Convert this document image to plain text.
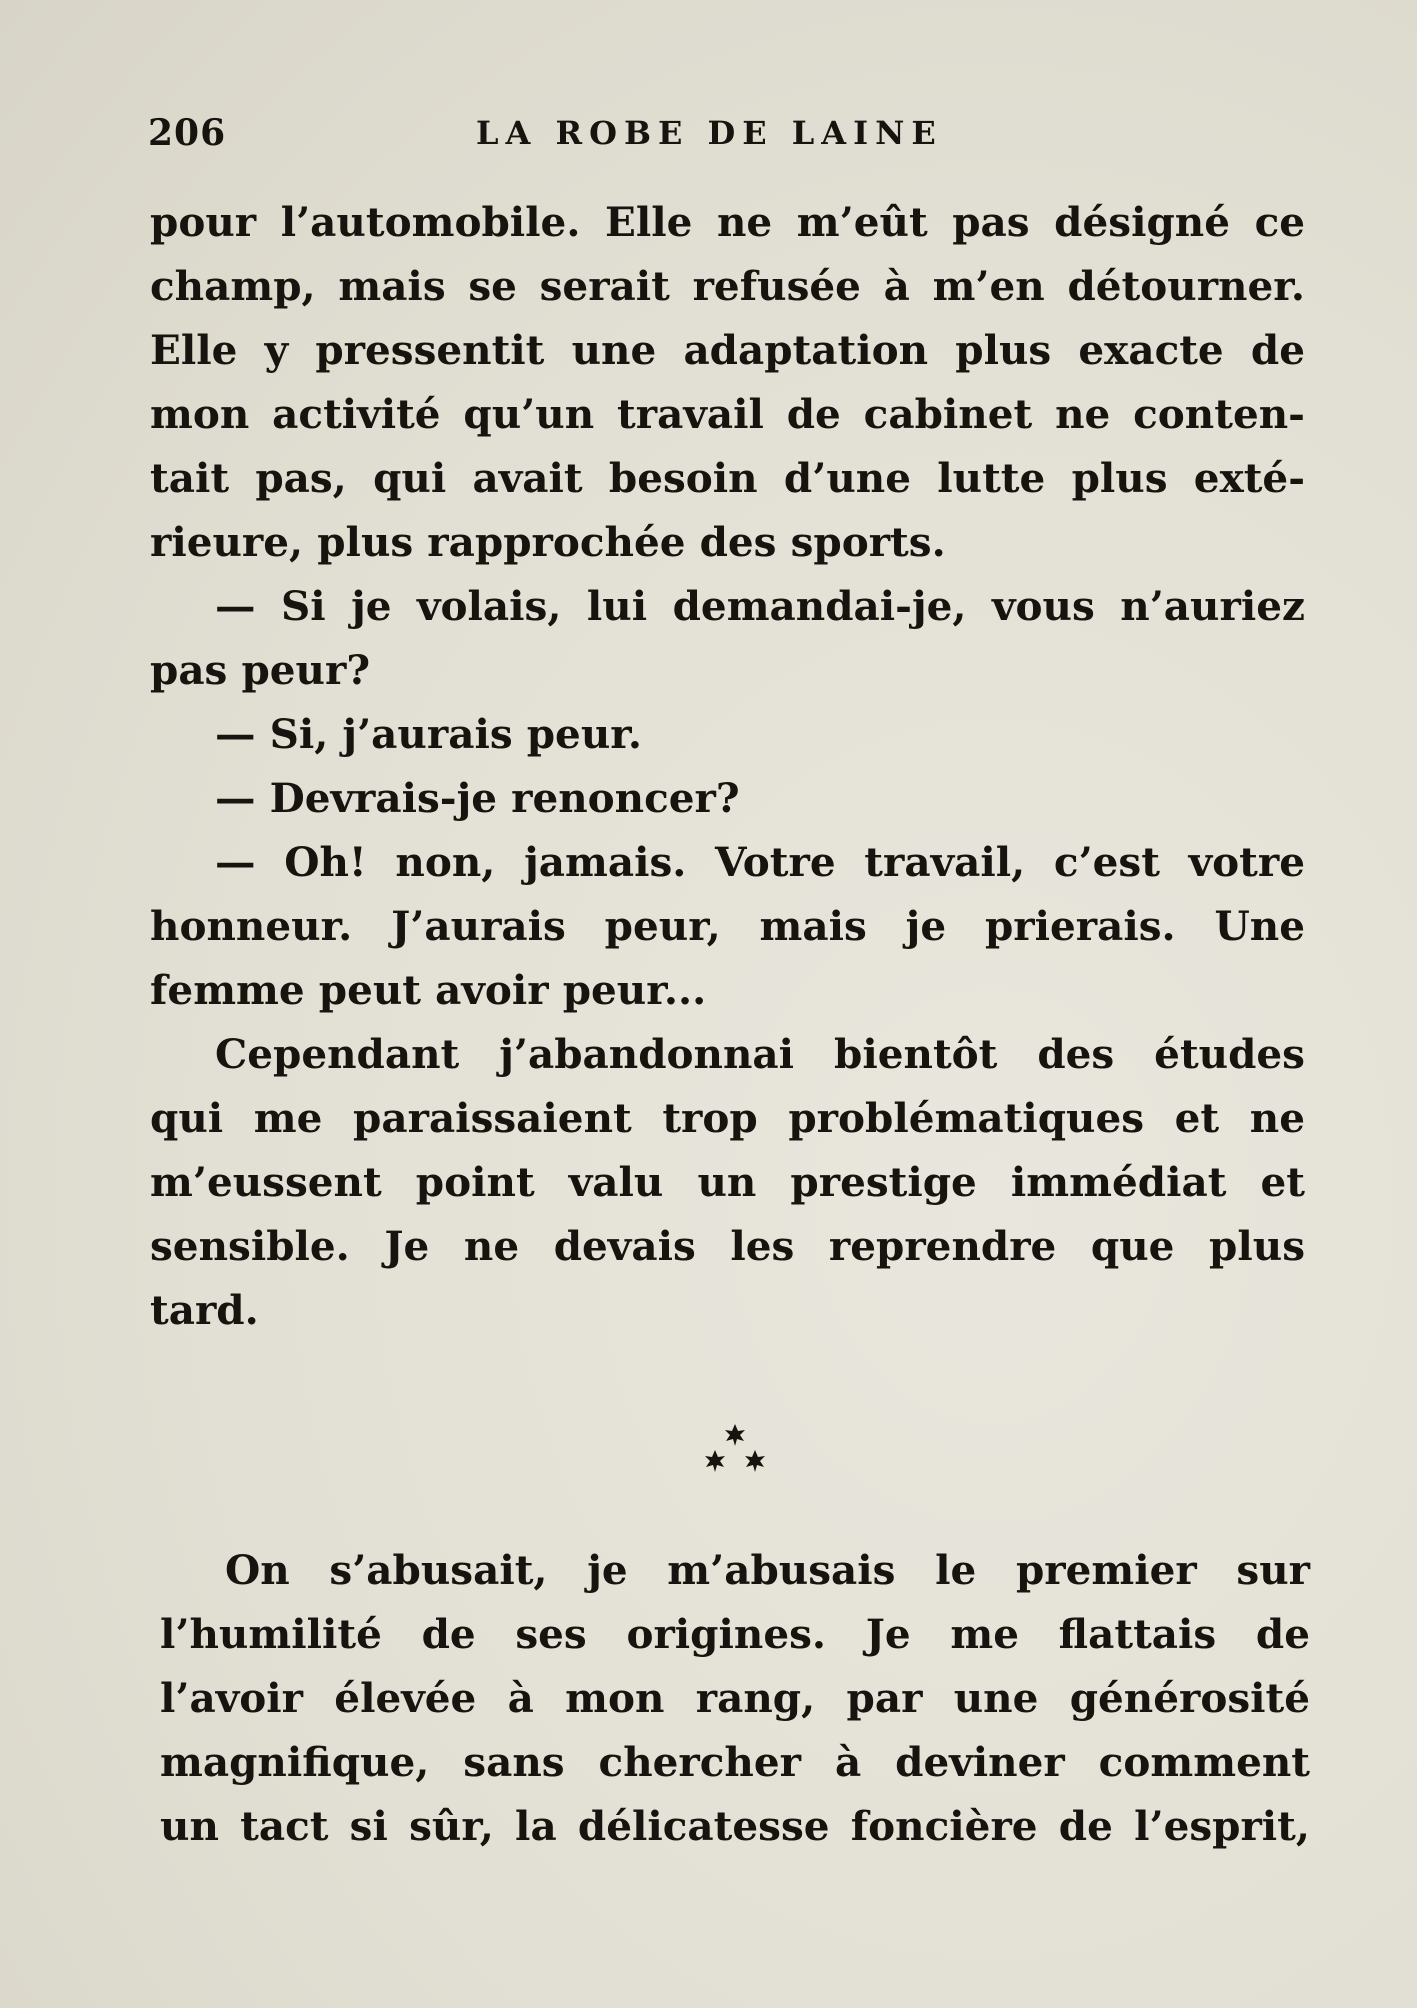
206	LA ROBE DE LAINE
pour l’automobile. Elle ne m’eût pas désigné ce
champ, mais se serait refusée à m’en détourner.
Elle y pressentit une adaptation plus exacte de
mon activité qu’un travail de cabinet ne conten-
tait pas, qui avait besoin d’une lutte plus exté-
rieure, plus rapprochée des sports.
— Si je volais, lui demandai-je, vous n’auriez
pas peur?
— Si, j’aurais peur.
— Devrais-je renoncer?
— Oh! non, jamais. Votre travail, c’est votre
honneur. J’aurais peur, mais je prierais. Une
femme peut avoir peur...
Cependant j’abandonnai bientôt des études
qui me paraissaient trop problématiques et ne
m’eussent point valu un prestige immédiat et
sensible. Je ne devais les reprendre que plus
tard.
On s’abusait, je m’abusais le premier sur
l’humilité de ses origines. Je me flattais de
l’avoir élevée à mon rang, par une générosité
magnifique, sans chercher à deviner comment
un tact si sûr, la délicatesse foncière de l’esprit,
